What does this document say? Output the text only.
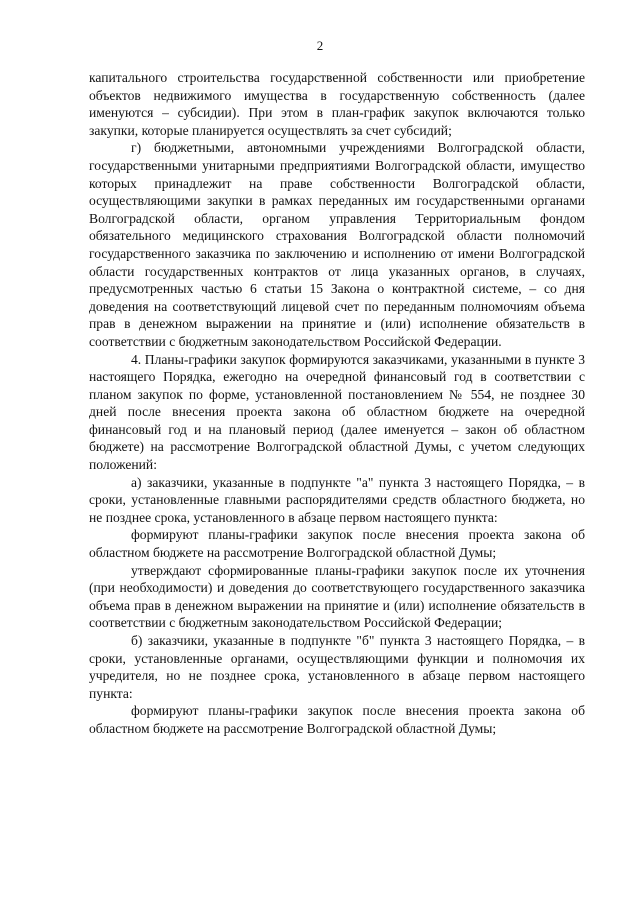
2

капитального строительства государственной собственности или приобретение объектов недвижимого имущества в государственную собственность (далее именуются – субсидии). При этом в план-график закупок включаются только закупки, которые планируется осуществлять за счет субсидий;

г) бюджетными, автономными учреждениями Волгоградской области, государственными унитарными предприятиями Волгоградской области, имущество которых принадлежит на праве собственности Волгоградской области, осуществляющими закупки в рамках переданных им государственными органами Волгоградской области, органом управления Территориальным фондом обязательного медицинского страхования Волгоградской области полномочий государственного заказчика по заключению и исполнению от имени Волгоградской области государственных контрактов от лица указанных органов, в случаях, предусмотренных частью 6 статьи 15 Закона о контрактной системе, – со дня доведения на соответствующий лицевой счет по переданным полномочиям объема прав в денежном выражении на принятие и (или) исполнение обязательств в соответствии с бюджетным законодательством Российской Федерации.

4. Планы-графики закупок формируются заказчиками, указанными в пункте 3 настоящего Порядка, ежегодно на очередной финансовый год в соответствии с планом закупок по форме, установленной постановлением № 554, не позднее 30 дней после внесения проекта закона об областном бюджете на очередной финансовый год и на плановый период (далее именуется – закон об областном бюджете) на рассмотрение Волгоградской областной Думы, с учетом следующих положений:

а) заказчики, указанные в подпункте "а" пункта 3 настоящего Порядка, – в сроки, установленные главными распорядителями средств областного бюджета, но не позднее срока, установленного в абзаце первом настоящего пункта:

формируют планы-графики закупок после внесения проекта закона об областном бюджете на рассмотрение Волгоградской областной Думы;

утверждают сформированные планы-графики закупок после их уточнения (при необходимости) и доведения до соответствующего государственного заказчика объема прав в денежном выражении на принятие и (или) исполнение обязательств в соответствии с бюджетным законодательством Российской Федерации;

б) заказчики, указанные в подпункте "б" пункта 3 настоящего Порядка, – в сроки, установленные органами, осуществляющими функции и полномочия их учредителя, но не позднее срока, установленного в абзаце первом настоящего пункта:

формируют планы-графики закупок после внесения проекта закона об областном бюджете на рассмотрение Волгоградской областной Думы;
